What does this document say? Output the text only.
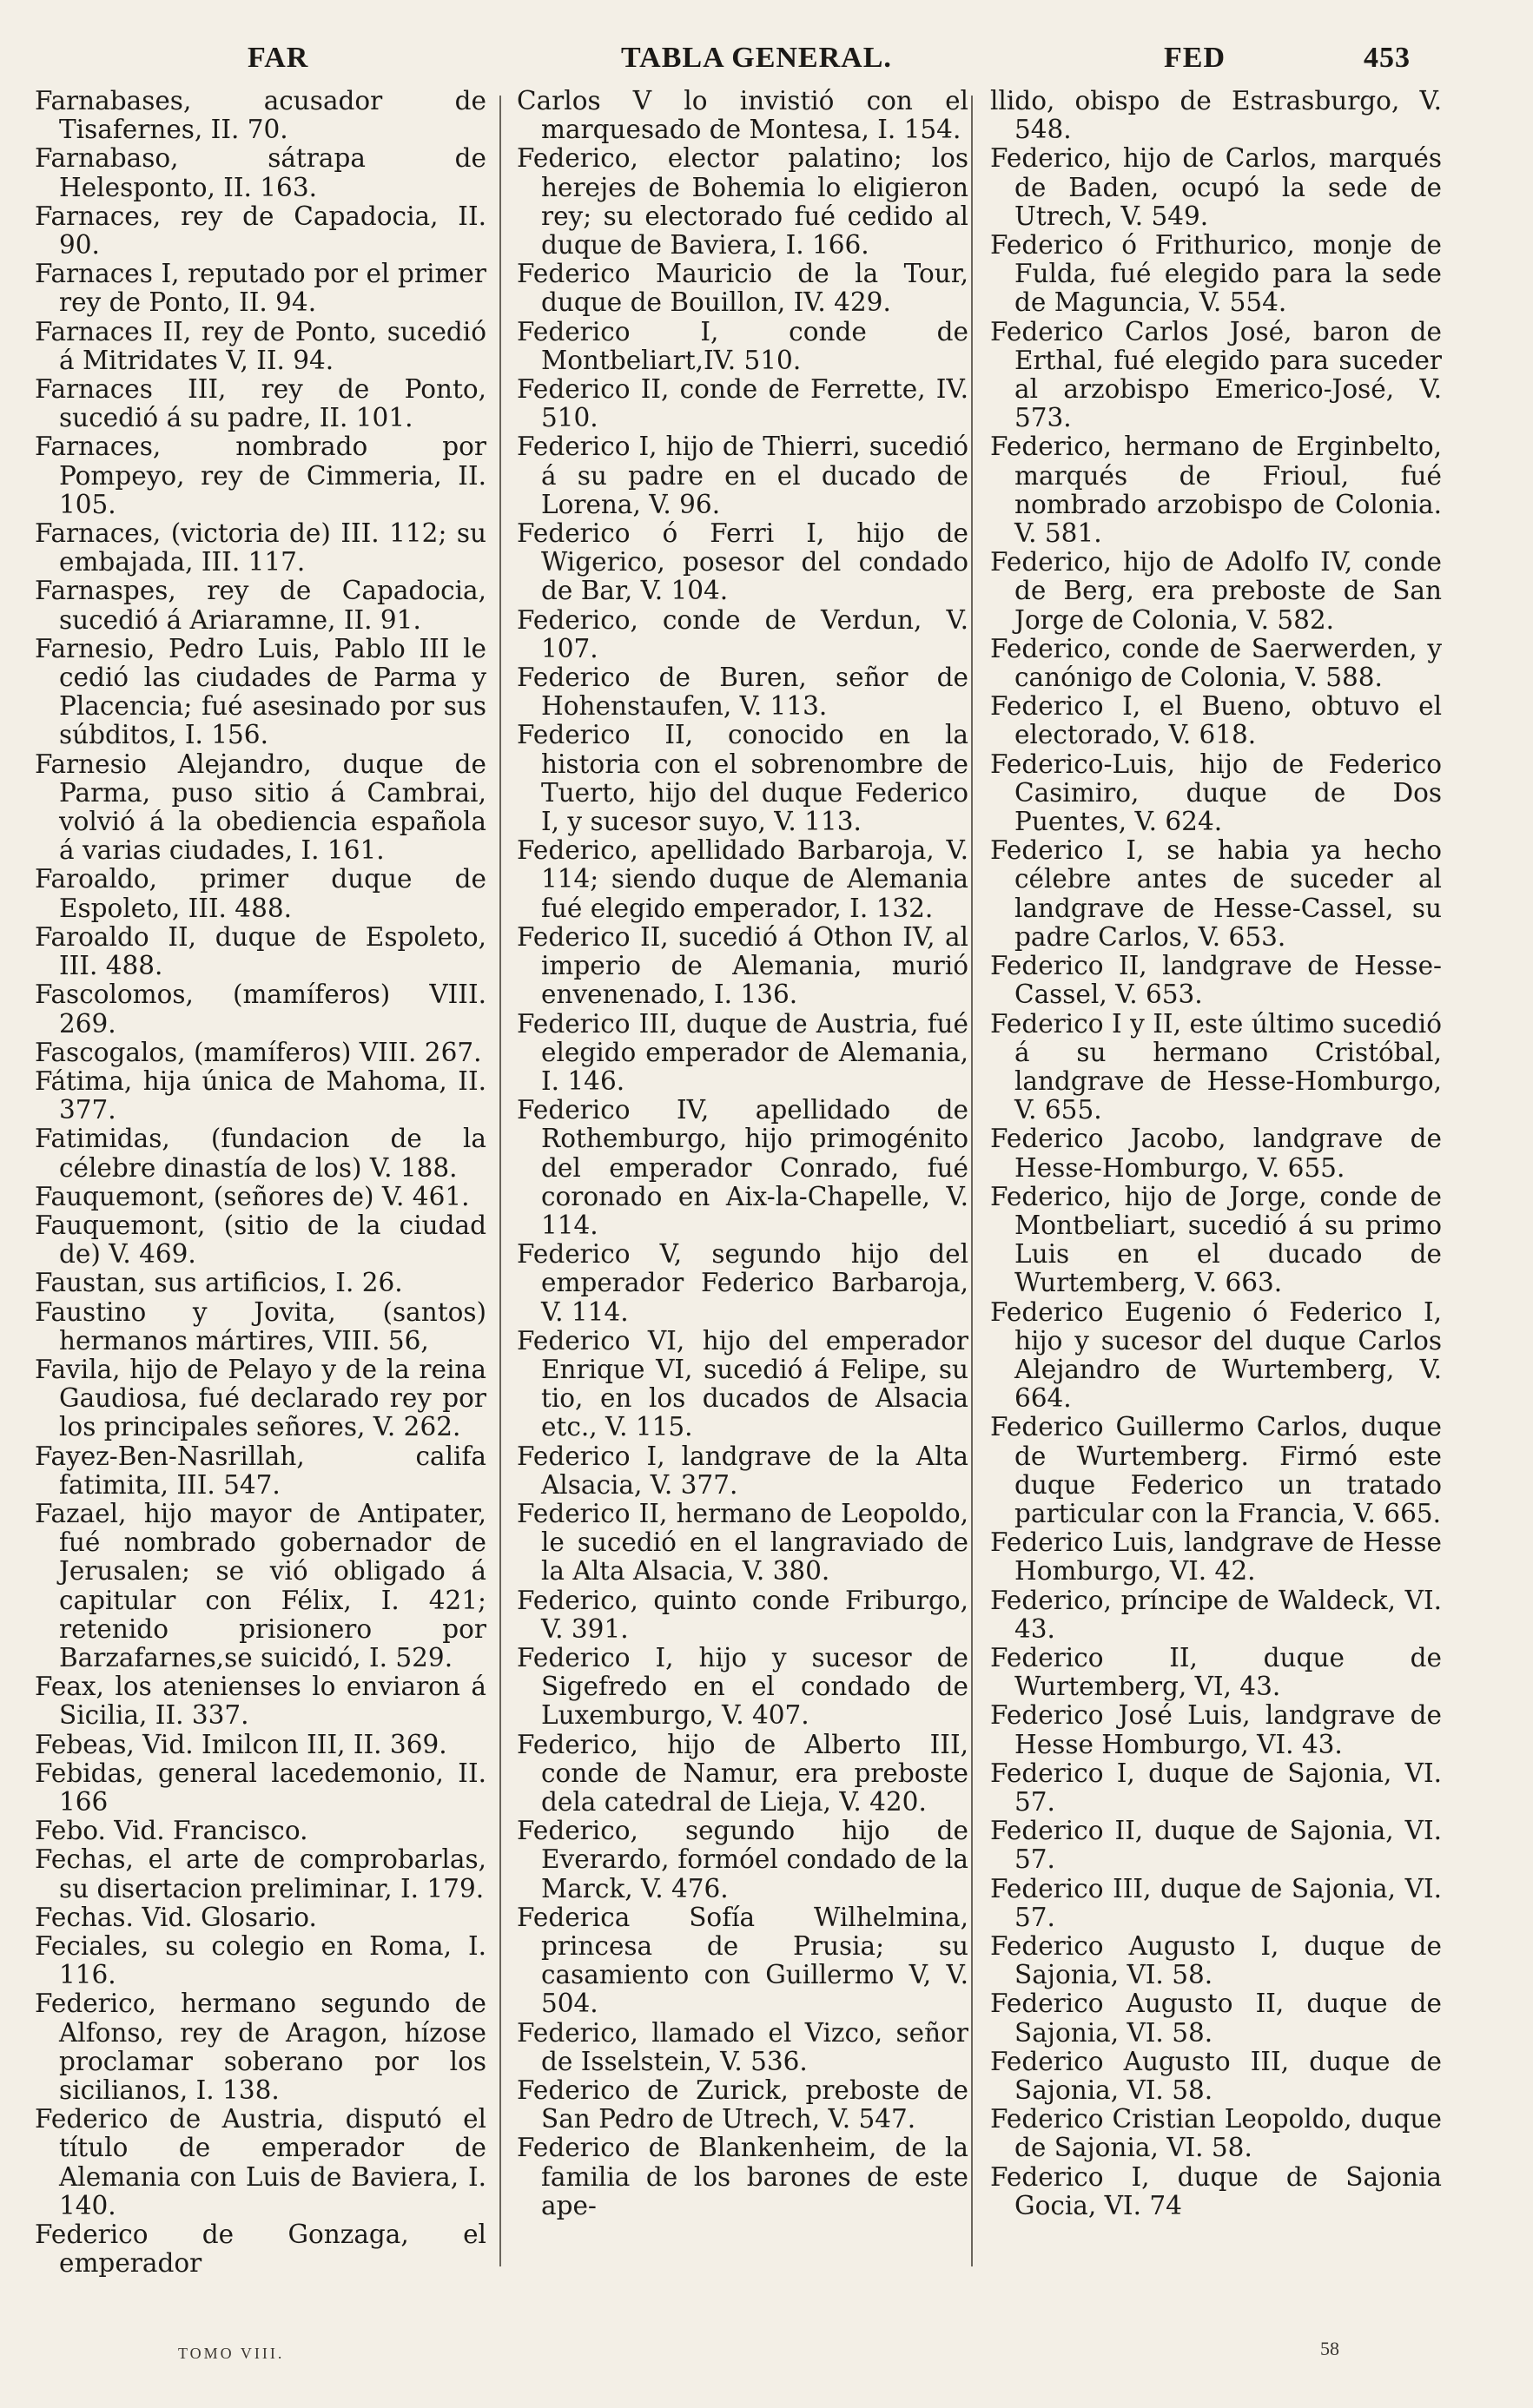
FAR	TABLA GENERAL.	FED	453

Farnabases, acusador de Tisafernes, II. 70.

Farnabaso, sátrapa de Helesponto, II. 163.

Farnaces, rey de Capadocia, II. 90.

Farnaces I, reputado por el primer rey de Ponto, II. 94.

Farnaces II, rey de Ponto, sucedió á Mitridates V, II. 94.

Farnaces III, rey de Ponto, sucedió á su padre, II. 101.

Farnaces, nombrado por Pompeyo, rey de Cimmeria, II. 105.

Farnaces, (victoria de) III. 112; su embajada, III. 117.

Farnaspes, rey de Capadocia, sucedió á Ariaramne, II. 91.

Farnesio, Pedro Luis, Pablo III le cedió las ciudades de Parma y Placencia; fué asesinado por sus súbditos, I. 156.

Farnesio Alejandro, duque de Parma, puso sitio á Cambrai, volvió á la obediencia española á varias ciudades, I. 161.

Faroaldo, primer duque de Espoleto, III. 488.

Faroaldo II, duque de Espoleto, III. 488.

Fascolomos, (mamíferos) VIII. 269.

Fascogalos, (mamíferos) VIII. 267.

Fátima, hija única de Mahoma, II. 377.

Fatimidas, (fundacion de la célebre dinastía de los) V. 188.

Fauquemont, (señores de) V. 461.

Fauquemont, (sitio de la ciudad de) V. 469.

Faustan, sus artificios, I. 26.

Faustino y Jovita, (santos) hermanos mártires, VIII. 56,

Favila, hijo de Pelayo y de la reina Gaudiosa, fué declarado rey por los principales señores, V. 262.

Fayez-Ben-Nasrillah, califa fatimita, III. 547.

Fazael, hijo mayor de Antipater, fué nombrado gobernador de Jerusalen; se vió obligado á capitular con Félix, I. 421; retenido prisionero por Barzafarnes,se suicidó, I. 529.

Feax, los atenienses lo enviaron á Sicilia, II. 337.

Febeas, Vid. Imilcon III, II. 369.

Febidas, general lacedemonio, II. 166

Febo. Vid. Francisco.

Fechas, el arte de comprobarlas, su disertacion preliminar, I. 179.

Fechas. Vid. Glosario.

Feciales, su colegio en Roma, I. 116.

Federico, hermano segundo de Alfonso, rey de Aragon, hízose proclamar soberano por los sicilianos, I. 138.

Federico de Austria, disputó el título de emperador de Alemania con Luis de Baviera, I. 140.

Federico de Gonzaga, el emperador

Carlos V lo invistió con el marquesado de Montesa, I. 154.

Federico, elector palatino; los herejes de Bohemia lo eligieron rey; su electorado fué cedido al duque de Baviera, I. 166.

Federico Mauricio de la Tour, duque de Bouillon, IV. 429.

Federico I, conde de Montbeliart,IV. 510.

Federico II, conde de Ferrette, IV. 510.

Federico I, hijo de Thierri, sucedió á su padre en el ducado de Lorena, V. 96.

Federico ó Ferri I, hijo de Wigerico, posesor del condado de Bar, V. 104.

Federico, conde de Verdun, V. 107.

Federico de Buren, señor de Hohenstaufen, V. 113.

Federico II, conocido en la historia con el sobrenombre de Tuerto, hijo del duque Federico I, y sucesor suyo, V. 113.

Federico, apellidado Barbaroja, V. 114; siendo duque de Alemania fué elegido emperador, I. 132.

Federico II, sucedió á Othon IV, al imperio de Alemania, murió envenenado, I. 136.

Federico III, duque de Austria, fué elegido emperador de Alemania, I. 146.

Federico IV, apellidado de Rothemburgo, hijo primogénito del emperador Conrado, fué coronado en Aix-la-Chapelle, V. 114.

Federico V, segundo hijo del emperador Federico Barbaroja, V. 114.

Federico VI, hijo del emperador Enrique VI, sucedió á Felipe, su tio, en los ducados de Alsacia etc., V. 115.

Federico I, landgrave de la Alta Alsacia, V. 377.

Federico II, hermano de Leopoldo, le sucedió en el langraviado de la Alta Alsacia, V. 380.

Federico, quinto conde Friburgo, V. 391.

Federico I, hijo y sucesor de Sigefredo en el condado de Luxemburgo, V. 407.

Federico, hijo de Alberto III, conde de Namur, era preboste dela catedral de Lieja, V. 420.

Federico, segundo hijo de Everardo, formóel condado de la Marck, V. 476.

Federica Sofía Wilhelmina, princesa de Prusia; su casamiento con Guillermo V, V. 504.

Federico, llamado el Vizco, señor de Isselstein, V. 536.

Federico de Zurick, preboste de San Pedro de Utrech, V. 547.

Federico de Blankenheim, de la familia de los barones de este ape-

llido, obispo de Estrasburgo, V. 548.

Federico, hijo de Carlos, marqués de Baden, ocupó la sede de Utrech, V. 549.

Federico ó Frithurico, monje de Fulda, fué elegido para la sede de Maguncia, V. 554.

Federico Carlos José, baron de Erthal, fué elegido para suceder al arzobispo Emerico-José, V. 573.

Federico, hermano de Erginbelto, marqués de Frioul, fué nombrado arzobispo de Colonia. V. 581.

Federico, hijo de Adolfo IV, conde de Berg, era preboste de San Jorge de Colonia, V. 582.

Federico, conde de Saerwerden, y canónigo de Colonia, V. 588.

Federico I, el Bueno, obtuvo el electorado, V. 618.

Federico-Luis, hijo de Federico Casimiro, duque de Dos Puentes, V. 624.

Federico I, se habia ya hecho célebre antes de suceder al landgrave de Hesse-Cassel, su padre Carlos, V. 653.

Federico II, landgrave de Hesse-Cassel, V. 653.

Federico I y II, este último sucedió á su hermano Cristóbal, landgrave de Hesse-Homburgo, V. 655.

Federico Jacobo, landgrave de Hesse-Homburgo, V. 655.

Federico, hijo de Jorge, conde de Montbeliart, sucedió á su primo Luis en el ducado de Wurtemberg, V. 663.

Federico Eugenio ó Federico I, hijo y sucesor del duque Carlos Alejandro de Wurtemberg, V. 664.

Federico Guillermo Carlos, duque de Wurtemberg. Firmó este duque Federico un tratado particular con la Francia, V. 665.

Federico Luis, landgrave de Hesse Homburgo, VI. 42.

Federico, príncipe de Waldeck, VI. 43.

Federico II, duque de Wurtemberg, VI, 43.

Federico José Luis, landgrave de Hesse Homburgo, VI. 43.

Federico I, duque de Sajonia, VI. 57.

Federico II, duque de Sajonia, VI. 57.

Federico III, duque de Sajonia, VI. 57.

Federico Augusto I, duque de Sajonia, VI. 58.

Federico Augusto II, duque de Sajonia, VI. 58.

Federico Augusto III, duque de Sajonia, VI. 58.

Federico Cristian Leopoldo, duque de Sajonia, VI. 58.

Federico I, duque de Sajonia Gocia, VI. 74

TOMO VIII.	58
